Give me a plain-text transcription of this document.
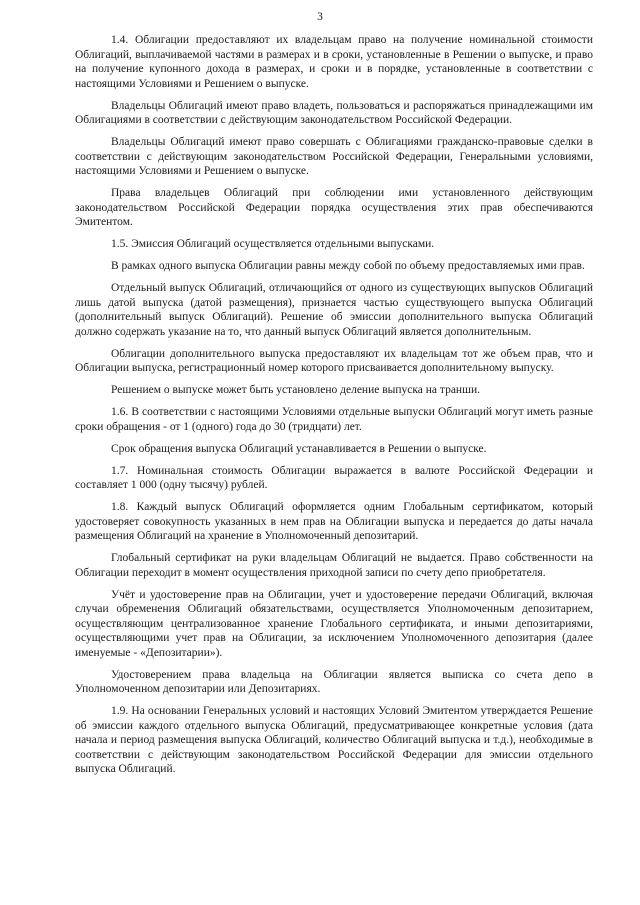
3

1.4. Облигации предоставляют их владельцам право на получение номинальной стоимости Облигаций, выплачиваемой частями в размерах и в сроки, установленные в Решении о выпуске, и право на получение купонного дохода в размерах, и сроки и в порядке, установленные в соответствии с настоящими Условиями и Решением о выпуске.

Владельцы Облигаций имеют право владеть, пользоваться и распоряжаться принадлежащими им Облигациями в соответствии с действующим законодательством Российской Федерации.

Владельцы Облигаций имеют право совершать с Облигациями гражданско-правовые сделки в соответствии с действующим законодательством Российской Федерации, Генеральными условиями, настоящими Условиями и Решением о выпуске.

Права владельцев Облигаций при соблюдении ими установленного действующим законодательством Российской Федерации порядка осуществления этих прав обеспечиваются Эмитентом.

1.5. Эмиссия Облигаций осуществляется отдельными выпусками.

В рамках одного выпуска Облигации равны между собой по объему предоставляемых ими прав.

Отдельный выпуск Облигаций, отличающийся от одного из существующих выпусков Облигаций лишь датой выпуска (датой размещения), признается частью существующего выпуска Облигаций (дополнительный выпуск Облигаций). Решение об эмиссии дополнительного выпуска Облигаций должно содержать указание на то, что данный выпуск Облигаций является дополнительным.

Облигации дополнительного выпуска предоставляют их владельцам тот же объем прав, что и Облигации выпуска, регистрационный номер которого присваивается дополнительному выпуску.

Решением о выпуске может быть установлено деление выпуска на транши.

1.6. В соответствии с настоящими Условиями отдельные выпуски Облигаций могут иметь разные сроки обращения - от 1 (одного) года до 30 (тридцати) лет.

Срок обращения выпуска Облигаций устанавливается в Решении о выпуске.

1.7. Номинальная стоимость Облигации выражается в валюте Российской Федерации и составляет 1 000 (одну тысячу) рублей.

1.8. Каждый выпуск Облигаций оформляется одним Глобальным сертификатом, который удостоверяет совокупность указанных в нем прав на Облигации выпуска и передается до даты начала размещения Облигаций на хранение в Уполномоченный депозитарий.

Глобальный сертификат на руки владельцам Облигаций не выдается. Право собственности на Облигации переходит в момент осуществления приходной записи по счету депо приобретателя.

Учёт и удостоверение прав на Облигации, учет и удостоверение передачи Облигаций, включая случаи обременения Облигаций обязательствами, осуществляется Уполномоченным депозитарием, осуществляющим централизованное хранение Глобального сертификата, и иными депозитариями, осуществляющими учет прав на Облигации, за исключением Уполномоченного депозитария (далее именуемые - «Депозитарии»).

Удостоверением права владельца на Облигации является выписка со счета депо в Уполномоченном депозитарии или Депозитариях.

1.9. На основании Генеральных условий и настоящих Условий Эмитентом утверждается Решение об эмиссии каждого отдельного выпуска Облигаций, предусматривающее конкретные условия (дата начала и период размещения выпуска Облигаций, количество Облигаций выпуска и т.д.), необходимые в соответствии с действующим законодательством Российской Федерации для эмиссии отдельного выпуска Облигаций.
